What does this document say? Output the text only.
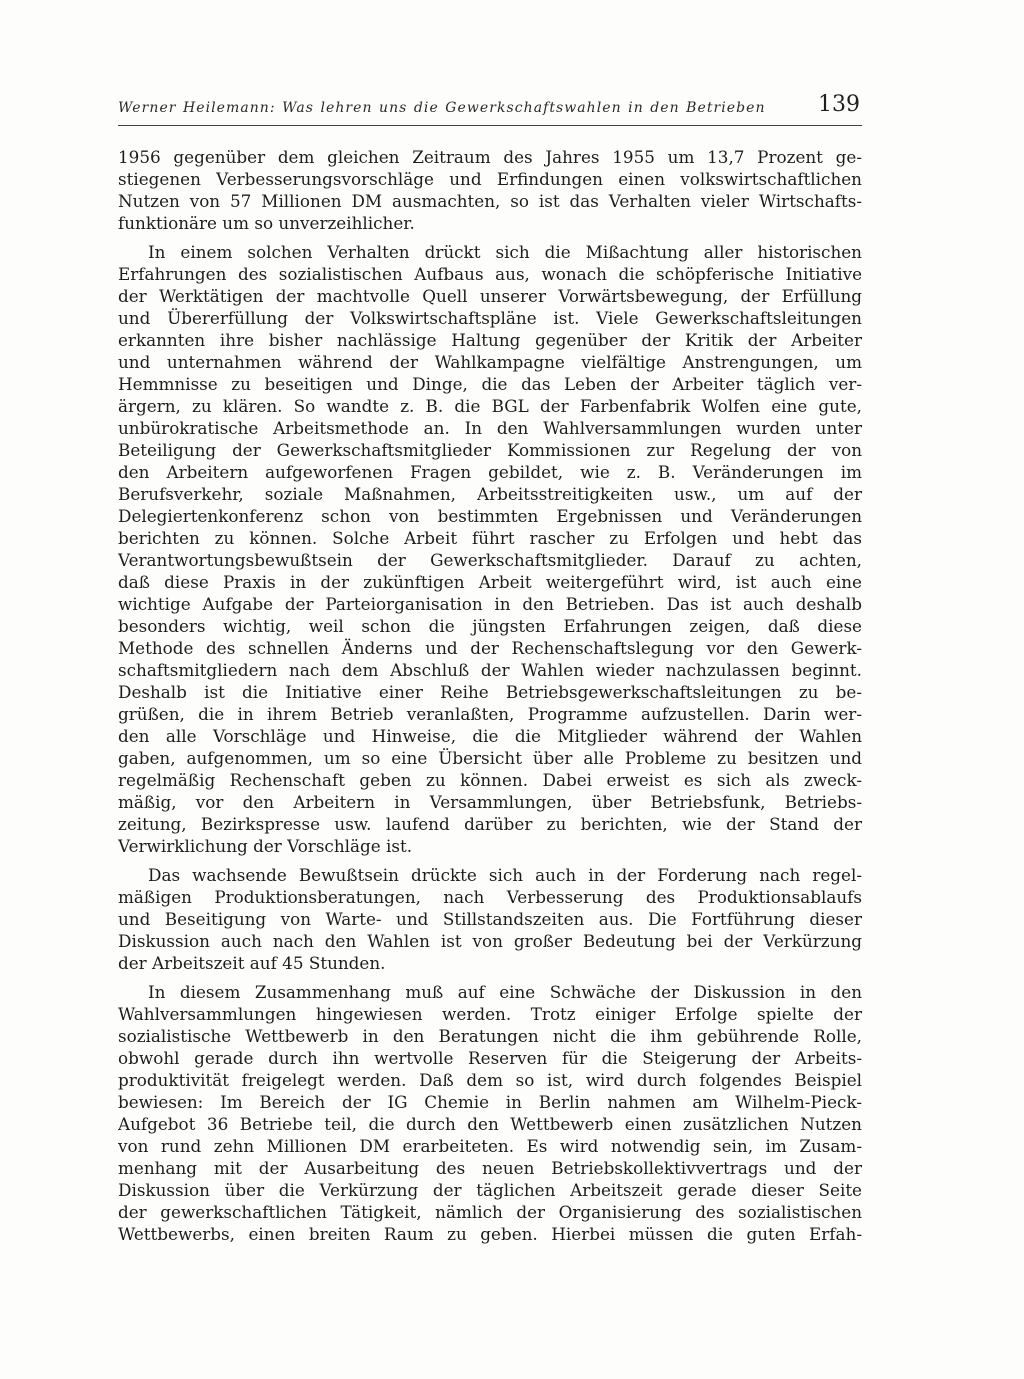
Werner Heilemann: Was lehren uns die Gewerkschaftswahlen in den Betrieben 139

1956 gegenüber dem gleichen Zeitraum des Jahres 1955 um 13,7 Prozent ge-
stiegenen Verbesserungsvorschläge und Erfindungen einen volkswirtschaftlichen
Nutzen von 57 Millionen DM ausmachten, so ist das Verhalten vieler Wirtschafts-
funktionäre um so unverzeihlicher.

In einem solchen Verhalten drückt sich die Mißachtung aller historischen
Erfahrungen des sozialistischen Aufbaus aus, wonach die schöpferische Initiative
der Werktätigen der machtvolle Quell unserer Vorwärtsbewegung, der Erfüllung
und Übererfüllung der Volkswirtschaftspläne ist. Viele Gewerkschaftsleitungen
erkannten ihre bisher nachlässige Haltung gegenüber der Kritik der Arbeiter
und unternahmen während der Wahlkampagne vielfältige Anstrengungen, um
Hemmnisse zu beseitigen und Dinge, die das Leben der Arbeiter täglich ver-
ärgern, zu klären. So wandte z. B. die BGL der Farbenfabrik Wolfen eine gute,
unbürokratische Arbeitsmethode an. In den Wahlversammlungen wurden unter
Beteiligung der Gewerkschaftsmitglieder Kommissionen zur Regelung der von
den Arbeitern aufgeworfenen Fragen gebildet, wie z. B. Veränderungen im
Berufsverkehr, soziale Maßnahmen, Arbeitsstreitigkeiten usw., um auf der
Delegiertenkonferenz schon von bestimmten Ergebnissen und Veränderungen
berichten zu können. Solche Arbeit führt rascher zu Erfolgen und hebt das
Verantwortungsbewußtsein der Gewerkschaftsmitglieder. Darauf zu achten,
daß diese Praxis in der zukünftigen Arbeit weitergeführt wird, ist auch eine
wichtige Aufgabe der Parteiorganisation in den Betrieben. Das ist auch deshalb
besonders wichtig, weil schon die jüngsten Erfahrungen zeigen, daß diese
Methode des schnellen Änderns und der Rechenschaftslegung vor den Gewerk-
schaftsmitgliedern nach dem Abschluß der Wahlen wieder nachzulassen beginnt.
Deshalb ist die Initiative einer Reihe Betriebsgewerkschaftsleitungen zu be-
grüßen, die in ihrem Betrieb veranlaßten, Programme aufzustellen. Darin wer-
den alle Vorschläge und Hinweise, die die Mitglieder während der Wahlen
gaben, aufgenommen, um so eine Übersicht über alle Probleme zu besitzen und
regelmäßig Rechenschaft geben zu können. Dabei erweist es sich als zweck-
mäßig, vor den Arbeitern in Versammlungen, über Betriebsfunk, Betriebs-
zeitung, Bezirkspresse usw. laufend darüber zu berichten, wie der Stand der
Verwirklichung der Vorschläge ist.

Das wachsende Bewußtsein drückte sich auch in der Forderung nach regel-
mäßigen Produktionsberatungen, nach Verbesserung des Produktionsablaufs
und Beseitigung von Warte- und Stillstandszeiten aus. Die Fortführung dieser
Diskussion auch nach den Wahlen ist von großer Bedeutung bei der Verkürzung
der Arbeitszeit auf 45 Stunden.

In diesem Zusammenhang muß auf eine Schwäche der Diskussion in den
Wahlversammlungen hingewiesen werden. Trotz einiger Erfolge spielte der
sozialistische Wettbewerb in den Beratungen nicht die ihm gebührende Rolle,
obwohl gerade durch ihn wertvolle Reserven für die Steigerung der Arbeits-
produktivität freigelegt werden. Daß dem so ist, wird durch folgendes Beispiel
bewiesen: Im Bereich der IG Chemie in Berlin nahmen am Wilhelm-Pieck-
Aufgebot 36 Betriebe teil, die durch den Wettbewerb einen zusätzlichen Nutzen
von rund zehn Millionen DM erarbeiteten. Es wird notwendig sein, im Zusam-
menhang mit der Ausarbeitung des neuen Betriebskollektivvertrags und der
Diskussion über die Verkürzung der täglichen Arbeitszeit gerade dieser Seite
der gewerkschaftlichen Tätigkeit, nämlich der Organisierung des sozialistischen
Wettbewerbs, einen breiten Raum zu geben. Hierbei müssen die guten Erfah-
